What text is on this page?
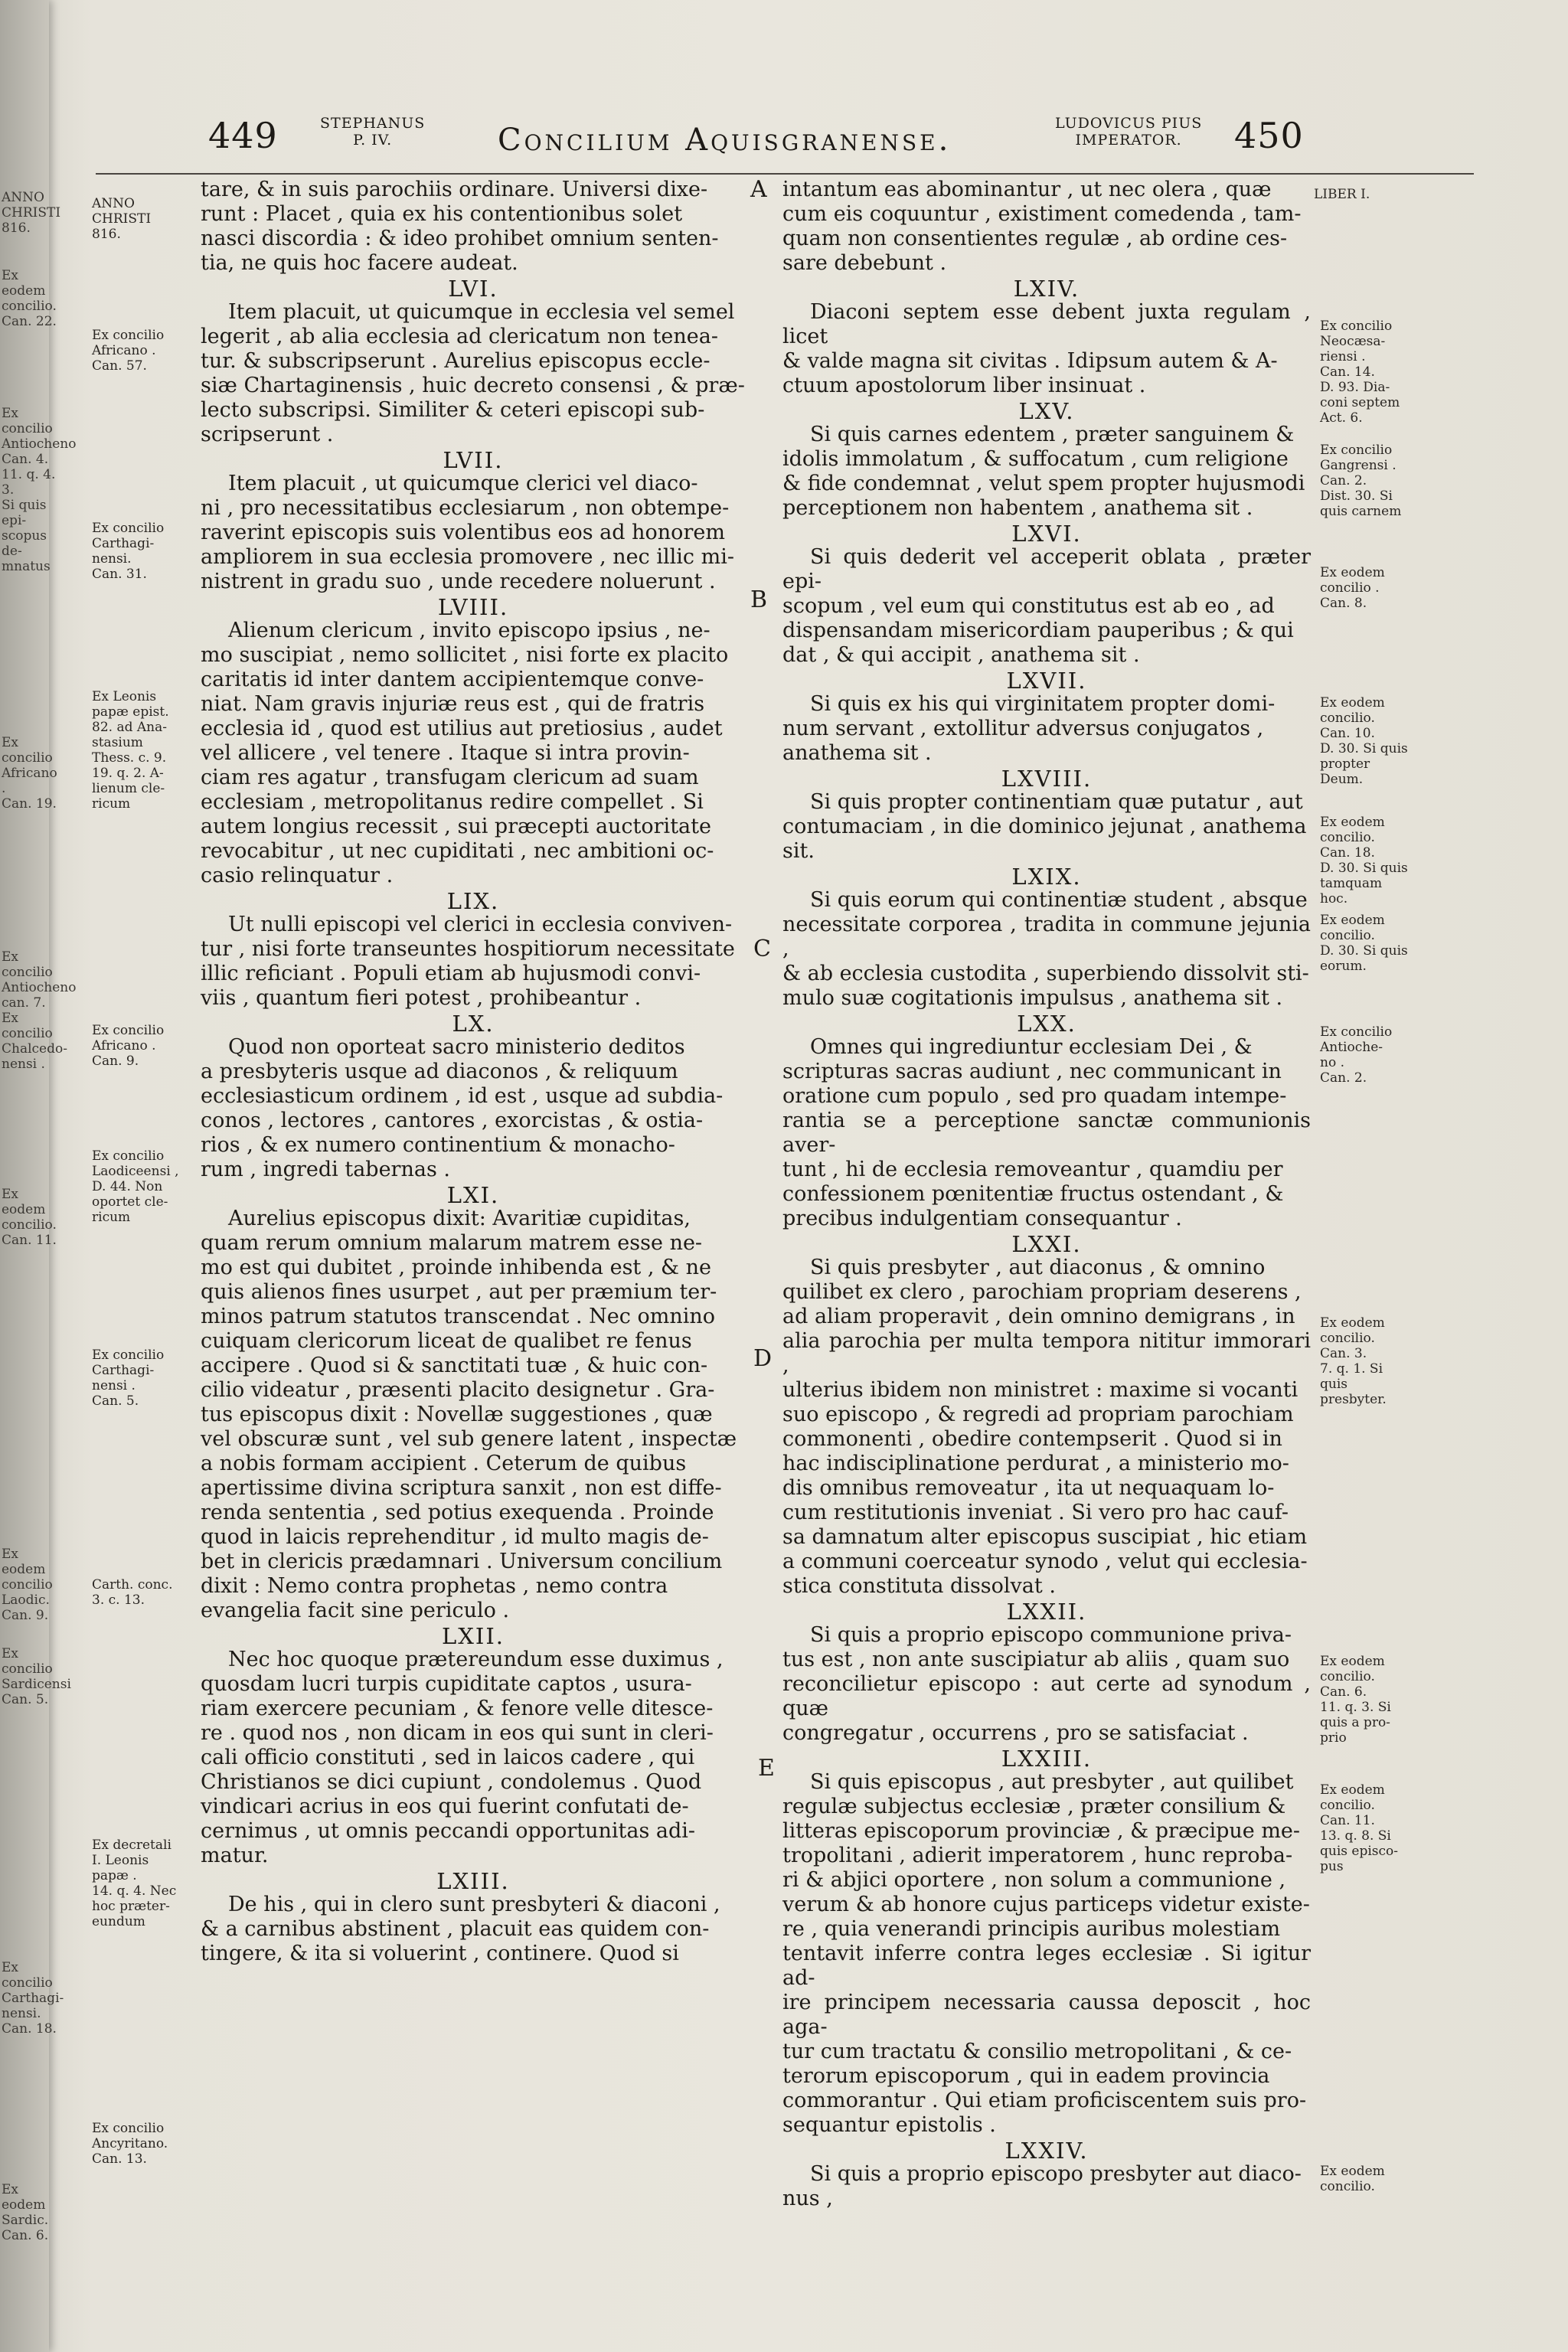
ANNO
CHRISTI
816.
Ex eodem
concilio.
Can. 22.
Ex concilio
Antiocheno
Can. 4.
11. q. 4. 3.
Si quis epi-
scopus de-
mnatus
Ex concilio
Africano .
Can. 19.
Ex concilio
Antiocheno
can. 7.
Ex concilio
Chalcedo-
nensi .
Ex eodem
concilio.
Can. 11.
Ex eodem
concilio
Laodic.
Can. 9.
Ex concilio
Sardicensi
Can. 5.
Ex concilio
Carthagi-
nensi.
Can. 18.
Ex eodem
Sardic.
Can. 6.
449	STEPHANUS
P. IV.	Concilium Aquisgranense.	LUDOVICUS PIUS
IMPERATOR.	450
ANNO
CHRISTI
816.
Ex concilio
Africano .
Can. 57.
Ex concilio
Carthagi-
nensi.
Can. 31.
Ex Leonis
papæ epist.
82. ad Ana-
stasium
Thess. c. 9.
19. q. 2. A-
lienum cle-
ricum
Ex concilio
Africano .
Can. 9.
Ex concilio
Laodiceensi ,
D. 44. Non
oportet cle-
ricum
Ex concilio
Carthagi-
nensi .
Can. 5.
Carth. conc.
3. c. 13.
Ex decretali
I. Leonis
papæ .
14. q. 4. Nec
hoc præter-
eundum
Ex concilio
Ancyritano.
Can. 13.

tare, & in suis parochiis ordinare. Universi dixe-
runt : Placet , quia ex his contentionibus solet
nasci discordia : & ideo prohibet omnium senten-
tia, ne quis hoc facere audeat.

LVI.

Item placuit, ut quicumque in ecclesia vel semel
legerit , ab alia ecclesia ad clericatum non tenea-
tur. & subscripserunt . Aurelius episcopus eccle-
siæ Chartaginensis , huic decreto consensi , & præ-
lecto subscripsi. Similiter & ceteri episcopi sub-
scripserunt .

LVII.

Item placuit , ut quicumque clerici vel diaco-
ni , pro necessitatibus ecclesiarum , non obtempe-
raverint episcopis suis volentibus eos ad honorem
ampliorem in sua ecclesia promovere , nec illic mi-
nistrent in gradu suo , unde recedere noluerunt .

LVIII.

Alienum clericum , invito episcopo ipsius , ne-
mo suscipiat , nemo sollicitet , nisi forte ex placito
caritatis id inter dantem accipientemque conve-
niat. Nam gravis injuriæ reus est , qui de fratris
ecclesia id , quod est utilius aut pretiosius , audet
vel allicere , vel tenere . Itaque si intra provin-
ciam res agatur , transfugam clericum ad suam
ecclesiam , metropolitanus redire compellet . Si
autem longius recessit , sui præcepti auctoritate
revocabitur , ut nec cupiditati , nec ambitioni oc-
casio relinquatur .

LIX.

Ut nulli episcopi vel clerici in ecclesia conviven-
tur , nisi forte transeuntes hospitiorum necessitate
illic reficiant . Populi etiam ab hujusmodi convi-
viis , quantum fieri potest , prohibeantur .

LX.

Quod non oporteat sacro ministerio deditos
a presbyteris usque ad diaconos , & reliquum
ecclesiasticum ordinem , id est , usque ad subdia-
conos , lectores , cantores , exorcistas , & ostia-
rios , & ex numero continentium & monacho-
rum , ingredi tabernas .

LXI.

Aurelius episcopus dixit: Avaritiæ cupiditas,
quam rerum omnium malarum matrem esse ne-
mo est qui dubitet , proinde inhibenda est , & ne
quis alienos fines usurpet , aut per præmium ter-
minos patrum statutos transcendat . Nec omnino
cuiquam clericorum liceat de qualibet re fenus
accipere . Quod si & sanctitati tuæ , & huic con-
cilio videatur , præsenti placito designetur . Gra-
tus episcopus dixit : Novellæ suggestiones , quæ
vel obscuræ sunt , vel sub genere latent , inspectæ
a nobis formam accipient . Ceterum de quibus
apertissime divina scriptura sanxit , non est diffe-
renda sententia , sed potius exequenda . Proinde
quod in laicis reprehenditur , id multo magis de-
bet in clericis prædamnari . Universum concilium
dixit : Nemo contra prophetas , nemo contra
evangelia facit sine periculo .

LXII.

Nec hoc quoque prætereundum esse duximus ,
quosdam lucri turpis cupiditate captos , usura-
riam exercere pecuniam , & fenore velle ditesce-
re . quod nos , non dicam in eos qui sunt in cleri-
cali officio constituti , sed in laicos cadere , qui
Christianos se dici cupiunt , condolemus . Quod
vindicari acrius in eos qui fuerint confutati de-
cernimus , ut omnis peccandi opportunitas adi-
matur.

LXIII.

De his , qui in clero sunt presbyteri & diaconi ,
& a carnibus abstinent , placuit eas quidem con-
tingere, & ita si voluerint , continere. Quod si

A
B
C
D
E

intantum eas abominantur , ut nec olera , quæ
cum eis coquuntur , existiment comedenda , tam-
quam non consentientes regulæ , ab ordine ces-
sare debebunt .

LXIV.

Diaconi septem esse debent juxta regulam , licet
& valde magna sit civitas . Idipsum autem & A-
ctuum apostolorum liber insinuat .

LXV.

Si quis carnes edentem , præter sanguinem &
idolis immolatum , & suffocatum , cum religione
& fide condemnat , velut spem propter hujusmodi
perceptionem non habentem , anathema sit .

LXVI.

Si quis dederit vel acceperit oblata , præter epi-
scopum , vel eum qui constitutus est ab eo , ad
dispensandam misericordiam pauperibus ; & qui
dat , & qui accipit , anathema sit .

LXVII.

Si quis ex his qui virginitatem propter domi-
num servant , extollitur adversus conjugatos ,
anathema sit .

LXVIII.

Si quis propter continentiam quæ putatur , aut
contumaciam , in die dominico jejunat , anathema
sit.

LXIX.

Si quis eorum qui continentiæ student , absque
necessitate corporea , tradita in commune jejunia ,
& ab ecclesia custodita , superbiendo dissolvit sti-
mulo suæ cogitationis impulsus , anathema sit .

LXX.

Omnes qui ingrediuntur ecclesiam Dei , &
scripturas sacras audiunt , nec communicant in
oratione cum populo , sed pro quadam intempe-
rantia se a perceptione sanctæ communionis aver-
tunt , hi de ecclesia removeantur , quamdiu per
confessionem pœnitentiæ fructus ostendant , &
precibus indulgentiam consequantur .

LXXI.

Si quis presbyter , aut diaconus , & omnino
quilibet ex clero , parochiam propriam deserens ,
ad aliam properavit , dein omnino demigrans , in
alia parochia per multa tempora nititur immorari ,
ulterius ibidem non ministret : maxime si vocanti
suo episcopo , & regredi ad propriam parochiam
commonenti , obedire contempserit . Quod si in
hac indisciplinatione perdurat , a ministerio mo-
dis omnibus removeatur , ita ut nequaquam lo-
cum restitutionis inveniat . Si vero pro hac cauf-
sa damnatum alter episcopus suscipiat , hic etiam
a communi coerceatur synodo , velut qui ecclesia-
stica constituta dissolvat .

LXXII.

Si quis a proprio episcopo communione priva-
tus est , non ante suscipiatur ab aliis , quam suo
reconcilietur episcopo : aut certe ad synodum , quæ
congregatur , occurrens , pro se satisfaciat .

LXXIII.

Si quis episcopus , aut presbyter , aut quilibet
regulæ subjectus ecclesiæ , præter consilium &
litteras episcoporum provinciæ , & præcipue me-
tropolitani , adierit imperatorem , hunc reproba-
ri & abjici oportere , non solum a communione ,
verum & ab honore cujus particeps videtur existe-
re , quia venerandi principis auribus molestiam
tentavit inferre contra leges ecclesiæ . Si igitur ad-
ire principem necessaria caussa deposcit , hoc aga-
tur cum tractatu & consilio metropolitani , & ce-
terorum episcoporum , qui in eadem provincia
commorantur . Qui etiam proficiscentem suis pro-
sequantur epistolis .

LXXIV.

Si quis a proprio episcopo presbyter aut diaco-
nus ,

LIBER I.
Ex concilio
Neocæsa-
riensi .
Can. 14.
D. 93. Dia-
coni septem
Act. 6.
Ex concilio
Gangrensi .
Can. 2.
Dist. 30. Si
quis carnem
Ex eodem
concilio .
Can. 8.
Ex eodem
concilio.
Can. 10.
D. 30. Si quis
propter
Deum.
Ex eodem
concilio.
Can. 18.
D. 30. Si quis
tamquam
hoc.
Ex eodem
concilio.
D. 30. Si quis
eorum.
Ex concilio
Antioche-
no .
Can. 2.
Ex eodem
concilio.
Can. 3.
7. q. 1. Si quis
presbyter.
Ex eodem
concilio.
Can. 6.
11. q. 3. Si
quis a pro-
prio
Ex eodem
concilio.
Can. 11.
13. q. 8. Si
quis episco-
pus
Ex eodem
concilio.
